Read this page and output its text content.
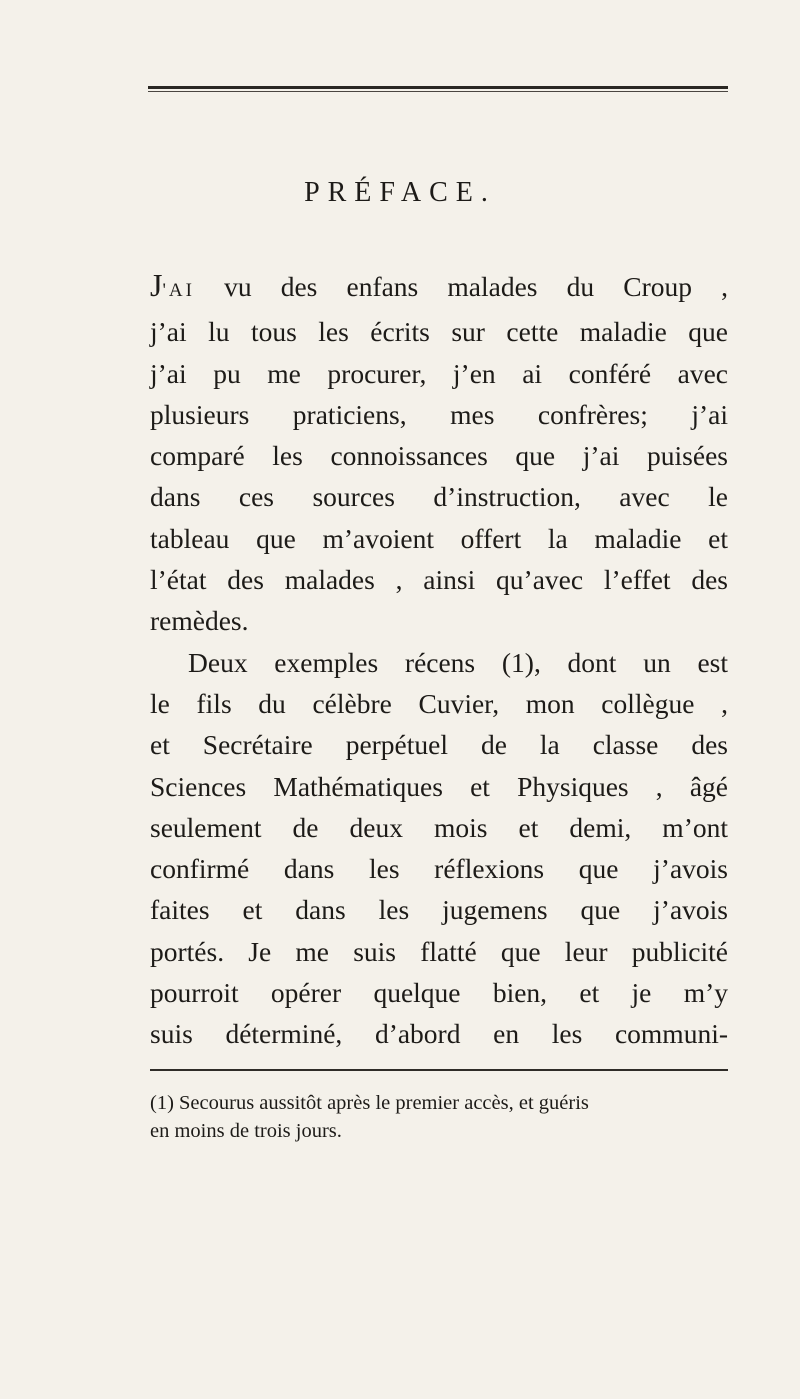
PRÉFACE.
J'AI vu des enfans malades du Croup ,
j’ai lu tous les écrits sur cette maladie que
j’ai pu me procurer, j’en ai conféré avec
plusieurs praticiens, mes confrères; j’ai
comparé les connoissances que j’ai puisées
dans ces sources d’instruction, avec le
tableau que m’avoient offert la maladie et
l’état des malades , ainsi qu’avec l’effet des
remèdes.
Deux exemples récens (1), dont un est
le fils du célèbre Cuvier, mon collègue ,
et Secrétaire perpétuel de la classe des
Sciences Mathématiques et Physiques , âgé
seulement de deux mois et demi, m’ont
confirmé dans les réflexions que j’avois
faites et dans les jugemens que j’avois
portés. Je me suis flatté que leur publicité
pourroit opérer quelque bien, et je m’y
suis déterminé, d’abord en les communi-
(1) Secourus aussitôt après le premier accès, et guéris
en moins de trois jours.
